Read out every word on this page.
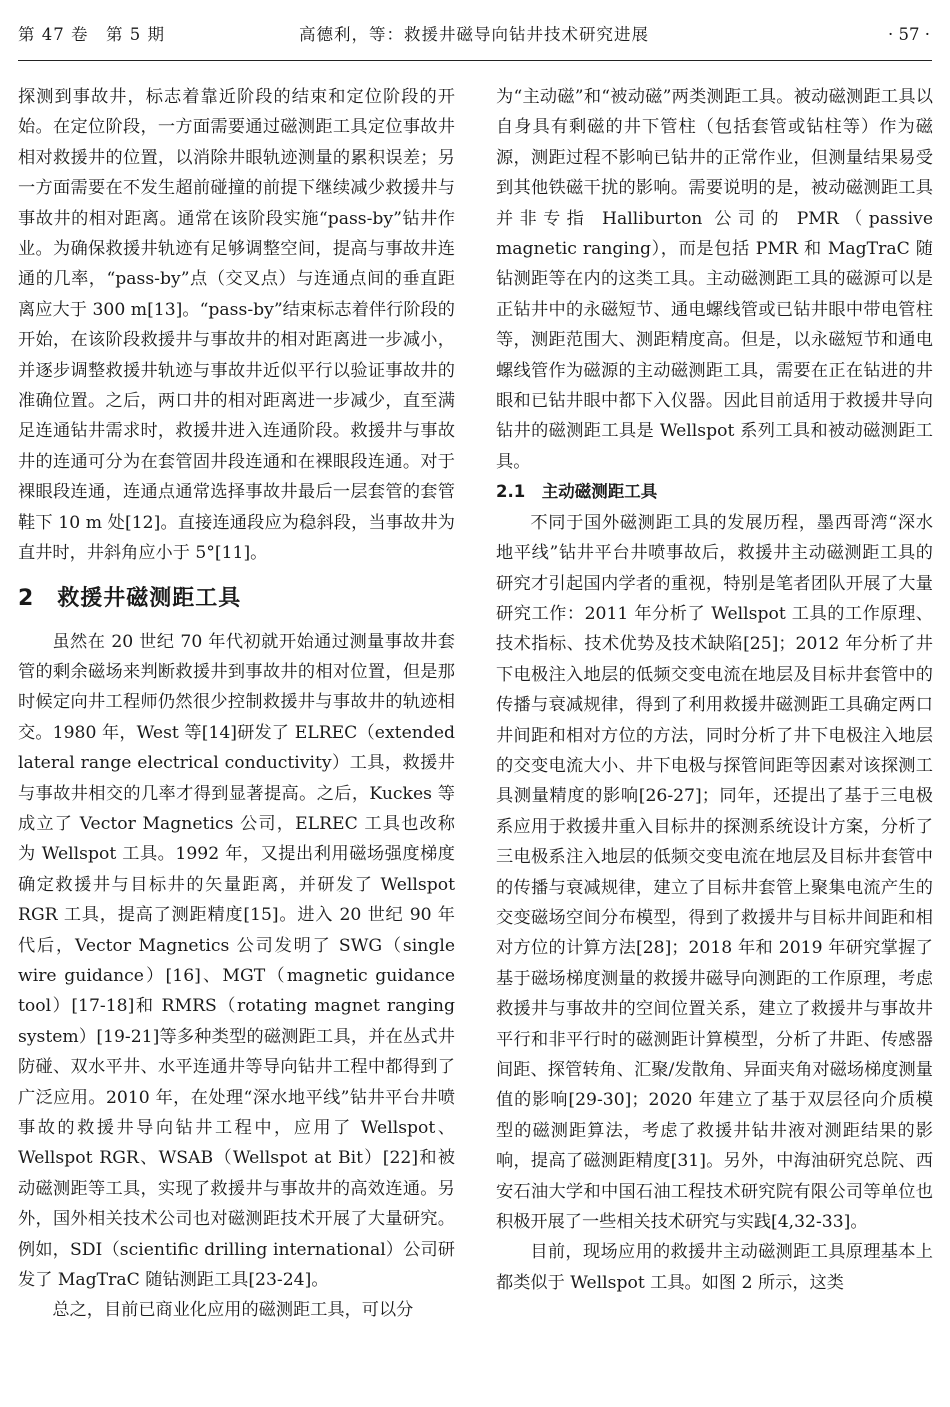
第 47 卷　第 5 期	高德利，等：救援井磁导向钻井技术研究进展	· 57 ·

探测到事故井，标志着靠近阶段的结束和定位阶段的开始。在定位阶段，一方面需要通过磁测距工具定位事故井相对救援井的位置，以消除井眼轨迹测量的累积误差；另一方面需要在不发生超前碰撞的前提下继续减少救援井与事故井的相对距离。通常在该阶段实施“pass-by”钻井作业。为确保救援井轨迹有足够调整空间，提高与事故井连通的几率，“pass-by”点（交叉点）与连通点间的垂直距离应大于 300 m[13]。“pass-by”结束标志着伴行阶段的开始，在该阶段救援井与事故井的相对距离进一步减小，并逐步调整救援井轨迹与事故井近似平行以验证事故井的准确位置。之后，两口井的相对距离进一步减少，直至满足连通钻井需求时，救援井进入连通阶段。救援井与事故井的连通可分为在套管固井段连通和在裸眼段连通。对于裸眼段连通，连通点通常选择事故井最后一层套管的套管鞋下 10 m 处[12]。直接连通段应为稳斜段，当事故井为直井时，井斜角应小于 5°[11]。

2　救援井磁测距工具

虽然在 20 世纪 70 年代初就开始通过测量事故井套管的剩余磁场来判断救援井到事故井的相对位置，但是那时候定向井工程师仍然很少控制救援井与事故井的轨迹相交。1980 年，West 等[14]研发了 ELREC（extended lateral range electrical conductivity）工具，救援井与事故井相交的几率才得到显著提高。之后，Kuckes 等成立了 Vector Magnetics 公司，ELREC 工具也改称为 Wellspot 工具。1992 年，又提出利用磁场强度梯度确定救援井与目标井的矢量距离，并研发了 Wellspot RGR 工具，提高了测距精度[15]。进入 20 世纪 90 年代后，Vector Magnetics 公司发明了 SWG（single wire guidance）[16]、MGT（magnetic guidance tool）[17-18]和 RMRS（rotating magnet ranging system）[19-21]等多种类型的磁测距工具，并在丛式井防碰、双水平井、水平连通井等导向钻井工程中都得到了广泛应用。2010 年，在处理“深水地平线”钻井平台井喷事故的救援井导向钻井工程中，应用了 Wellspot、Wellspot RGR、WSAB（Wellspot at Bit）[22]和被动磁测距等工具，实现了救援井与事故井的高效连通。另外，国外相关技术公司也对磁测距技术开展了大量研究。例如，SDI（scientific drilling international）公司研发了 MagTraC 随钻测距工具[23-24]。

总之，目前已商业化应用的磁测距工具，可以分

为“主动磁”和“被动磁”两类测距工具。被动磁测距工具以自身具有剩磁的井下管柱（包括套管或钻柱等）作为磁源，测距过程不影响已钻井的正常作业，但测量结果易受到其他铁磁干扰的影响。需要说明的是，被动磁测距工具并非专指 Halliburton 公司的 PMR（passive magnetic ranging），而是包括 PMR 和 MagTraC 随钻测距等在内的这类工具。主动磁测距工具的磁源可以是正钻井中的永磁短节、通电螺线管或已钻井眼中带电管柱等，测距范围大、测距精度高。但是，以永磁短节和通电螺线管作为磁源的主动磁测距工具，需要在正在钻进的井眼和已钻井眼中都下入仪器。因此目前适用于救援井导向钻井的磁测距工具是 Wellspot 系列工具和被动磁测距工具。

2.1　主动磁测距工具

不同于国外磁测距工具的发展历程，墨西哥湾“深水地平线”钻井平台井喷事故后，救援井主动磁测距工具的研究才引起国内学者的重视，特别是笔者团队开展了大量研究工作：2011 年分析了 Wellspot 工具的工作原理、技术指标、技术优势及技术缺陷[25]；2012 年分析了井下电极注入地层的低频交变电流在地层及目标井套管中的传播与衰减规律，得到了利用救援井磁测距工具确定两口井间距和相对方位的方法，同时分析了井下电极注入地层的交变电流大小、井下电极与探管间距等因素对该探测工具测量精度的影响[26-27]；同年，还提出了基于三电极系应用于救援井重入目标井的探测系统设计方案，分析了三电极系注入地层的低频交变电流在地层及目标井套管中的传播与衰减规律，建立了目标井套管上聚集电流产生的交变磁场空间分布模型，得到了救援井与目标井间距和相对方位的计算方法[28]；2018 年和 2019 年研究掌握了基于磁场梯度测量的救援井磁导向测距的工作原理，考虑救援井与事故井的空间位置关系，建立了救援井与事故井平行和非平行时的磁测距计算模型，分析了井距、传感器间距、探管转角、汇聚/发散角、异面夹角对磁场梯度测量值的影响[29-30]；2020 年建立了基于双层径向介质模型的磁测距算法，考虑了救援井钻井液对测距结果的影响，提高了磁测距精度[31]。另外，中海油研究总院、西安石油大学和中国石油工程技术研究院有限公司等单位也积极开展了一些相关技术研究与实践[4,32-33]。

目前，现场应用的救援井主动磁测距工具原理基本上都类似于 Wellspot 工具。如图 2 所示，这类
